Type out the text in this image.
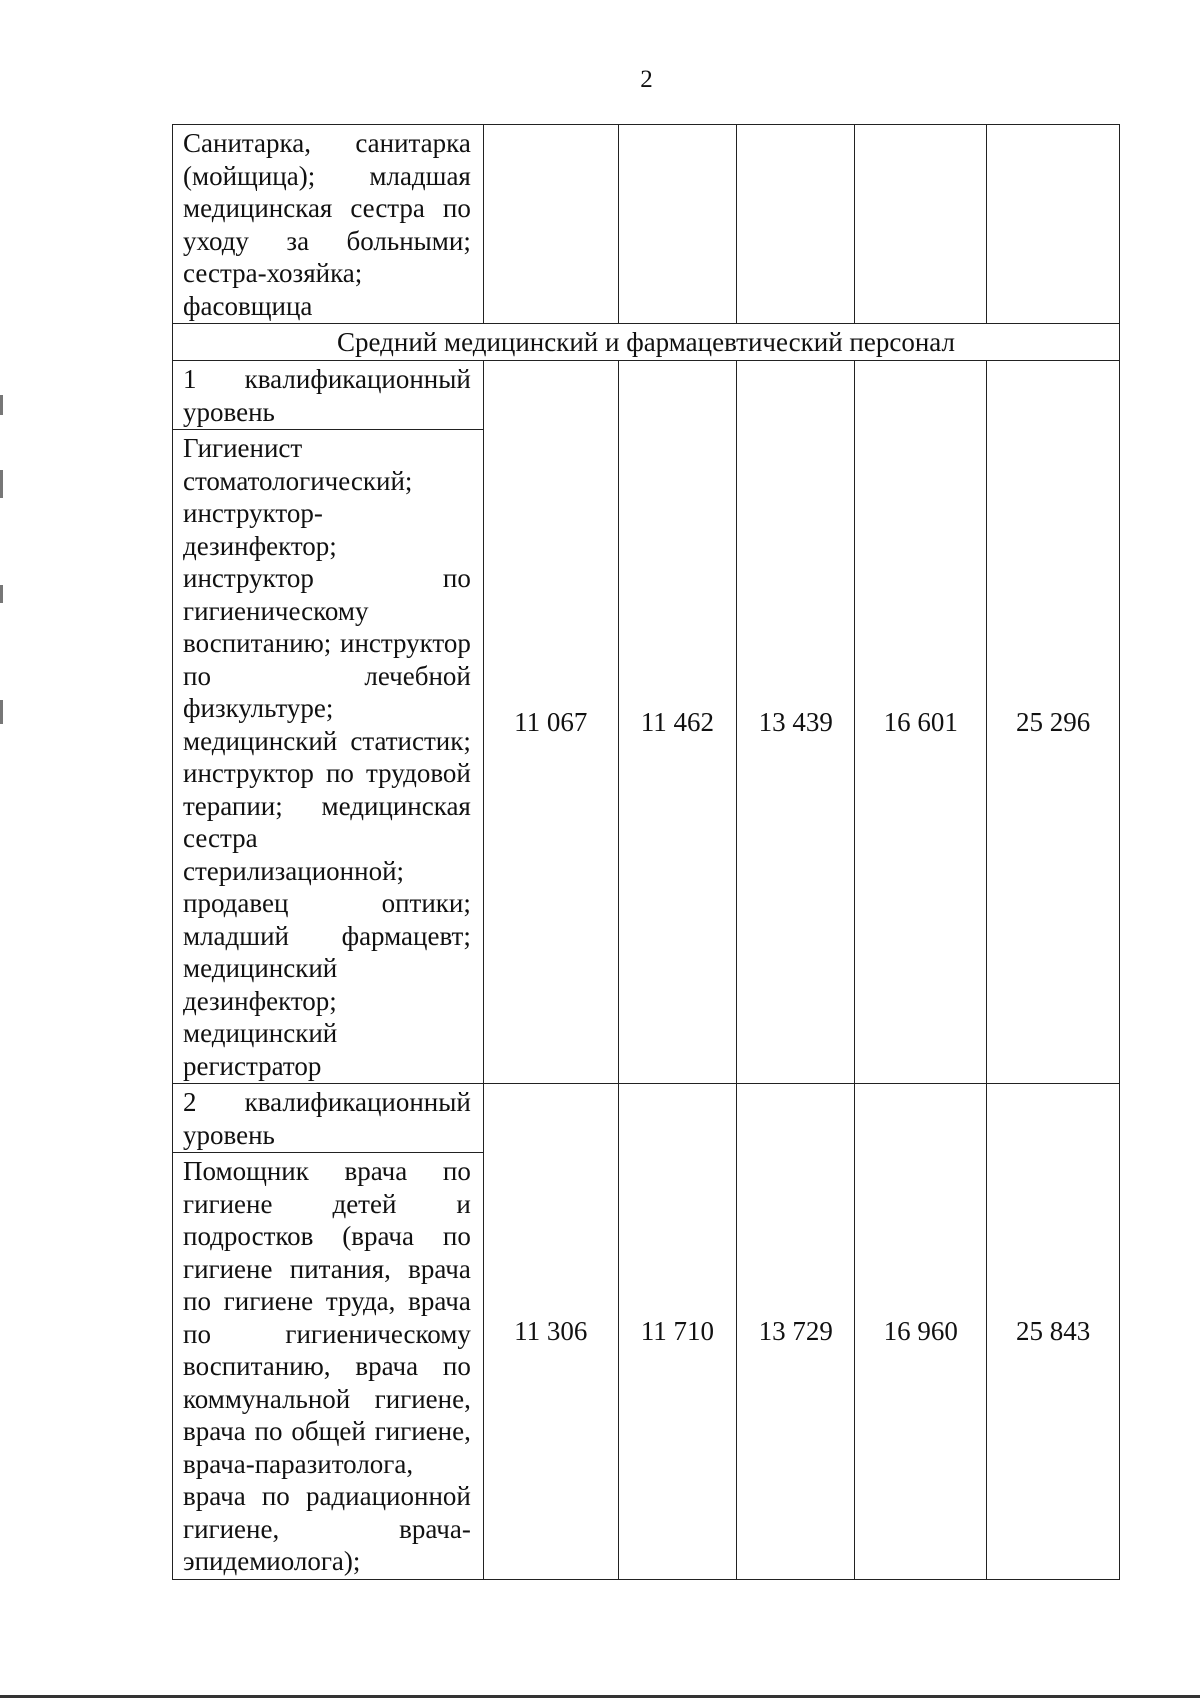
2
Санитарка, санитарка (мойщица); младшая медицинская сестра по уходу за больными; сестра-хозяйка; фасовщица					

Средний медицинский и фармацевтический персонал					

1 квалификационный уровень
Гигиенист стоматологический; инструктор-дезинфектор; инструктор по гигиеническому воспитанию; инструктор по лечебной физкультуре; медицинский статистик; инструктор по трудовой терапии; медицинская сестра стерилизационной; продавец оптики; младший фармацевт; медицинский дезинфектор; медицинский регистратор	11 067	11 462	13 439	16 601	25 296

2 квалификационный уровень
Помощник врача по гигиене детей и подростков (врача по гигиене питания, врача по гигиене труда, врача по гигиеническому воспитанию, врача по коммунальной гигиене, врача по общей гигиене, врача-паразитолога, врача по радиационной гигиене, врача-эпидемиолога);	11 306	11 710	13 729	16 960	25 843
